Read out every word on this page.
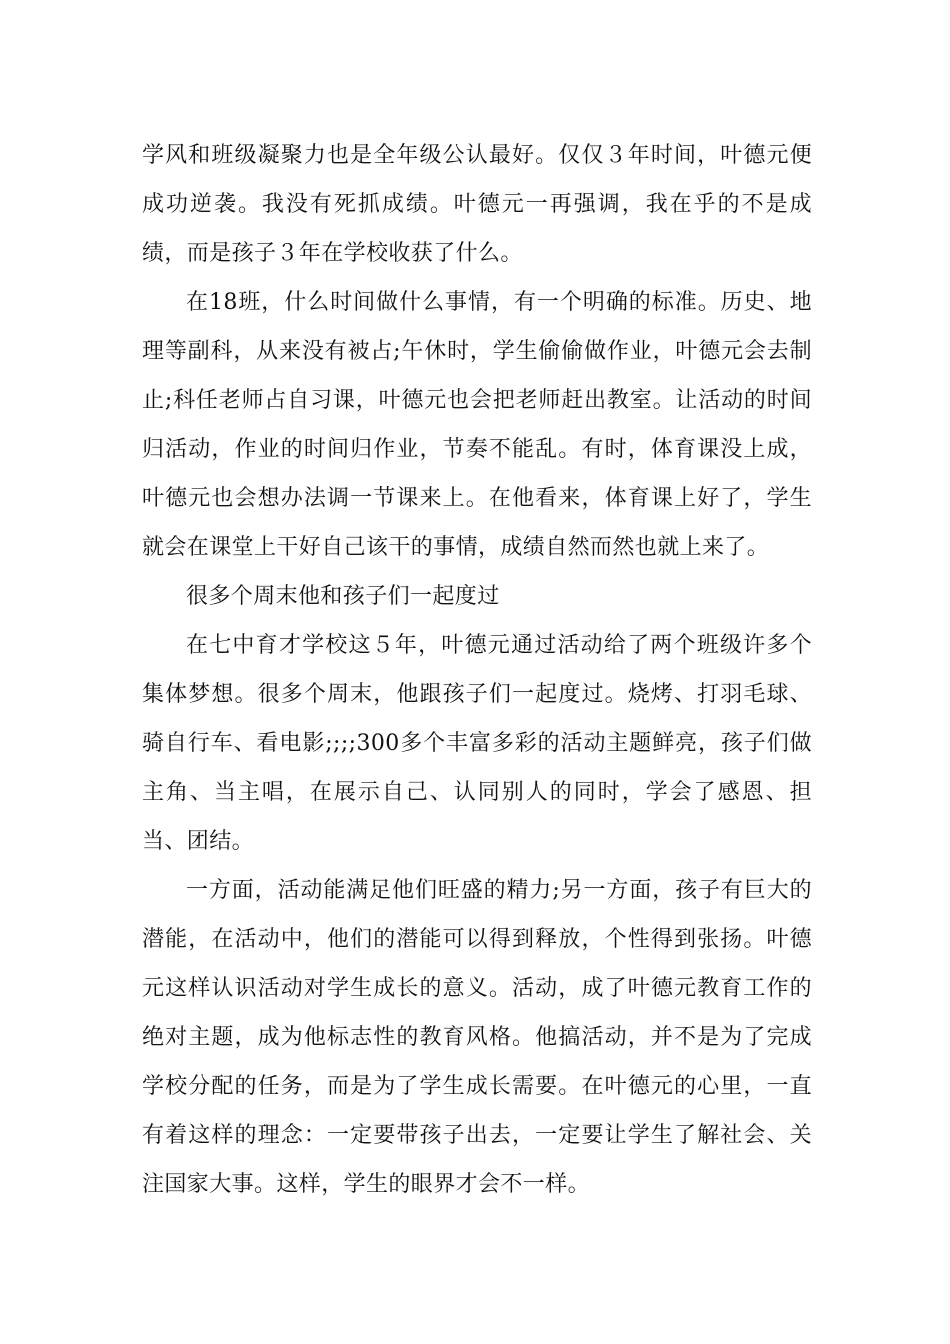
学风和班级凝聚力也是全年级公认最好。仅仅３年时间，叶德元便成功逆袭。我没有死抓成绩。叶德元一再强调，我在乎的不是成绩，而是孩子３年在学校收获了什么。

在18班，什么时间做什么事情，有一个明确的标准。历史、地理等副科，从来没有被占;午休时，学生偷偷做作业，叶德元会去制止;科任老师占自习课，叶德元也会把老师赶出教室。让活动的时间归活动，作业的时间归作业，节奏不能乱。有时，体育课没上成，叶德元也会想办法调一节课来上。在他看来，体育课上好了，学生就会在课堂上干好自己该干的事情，成绩自然而然也就上来了。

很多个周末他和孩子们一起度过

在七中育才学校这５年，叶德元通过活动给了两个班级许多个集体梦想。很多个周末，他跟孩子们一起度过。烧烤、打羽毛球、骑自行车、看电影;;;;300多个丰富多彩的活动主题鲜亮，孩子们做主角、当主唱，在展示自己、认同别人的同时，学会了感恩、担当、团结。

一方面，活动能满足他们旺盛的精力;另一方面，孩子有巨大的潜能，在活动中，他们的潜能可以得到释放，个性得到张扬。叶德元这样认识活动对学生成长的意义。活动，成了叶德元教育工作的绝对主题，成为他标志性的教育风格。他搞活动，并不是为了完成学校分配的任务，而是为了学生成长需要。在叶德元的心里，一直有着这样的理念：一定要带孩子出去，一定要让学生了解社会、关注国家大事。这样，学生的眼界才会不一样。
